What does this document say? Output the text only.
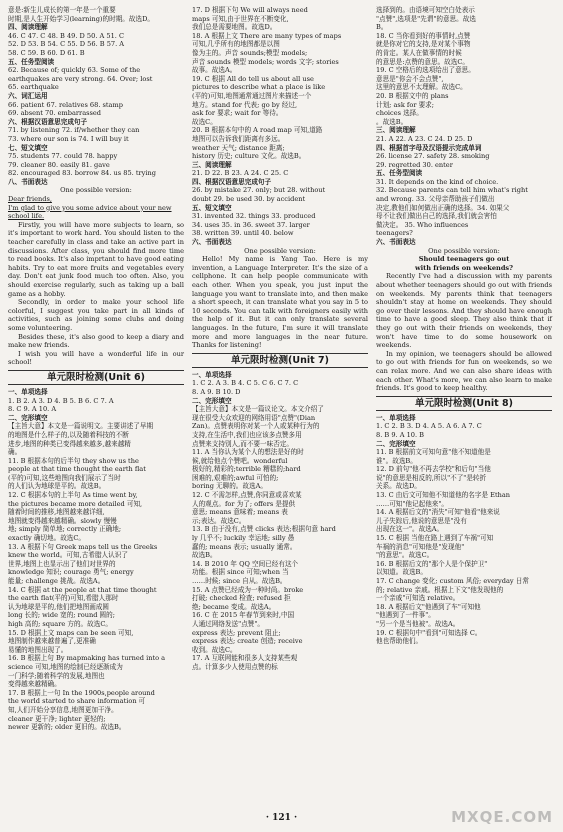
意是:新生儿成长的第一年是一个重要
时期,是人生开始学习(learning)的时期。故选D。
四、阅读理解
46. C 47. C 48. B 49. D 50. A 51. C
52. D 53. B 54. C 55. D 56. B 57. A
58. C 59. B 60. D 61. B
五、任务型阅读
62. Because of; quickly 63. Some of the
earthquakes are very strong. 64. Over; lost
65. earthquake
六、词汇运用
66. patient 67. relatives 68. stamp
69. absent 70. embarrassed
六、根据汉语意思完成句子
71. by listening 72. if/whether they can
73. where our son is 74. I will buy it
七、短文填空
75. students 77. could 78. happy
79. cleaner 80. easily 81. gave
82. encouraged 83. borrow 84. us 85. trying
八、书面表达
One possible version:
Dear friends,
I'm glad to give you some advice about your new school life.
Firstly, you will have more subjects to learn, so it's important to work hard. You should listen to the teacher carefully in class and take an active part in discussions. After class, you should find more time to read books. It's also imprtant to have good eating habits. Try to eat more fruits and vegetables every day. Don't eat junk food much too often. Also, you should exercise regularly, such as taking up a ball game as a hobby.
Secondly, in order to make your school life colorful, I suggest you take part in all kinds of activities, such as joining some clubs and doing some volunteering.
Besides these, it's also good to keep a diary and make new friends.
I wish you will have a wonderful life in our school!
单元限时检测(Unit 6)
一、单项选择
1. B 2. A 3. D 4. B 5. B 6. C 7. A
8. C 9. A 10. A
二、完形填空
【主旨大意】本文是一篇说明文。主要讲述了早期
的地图是什么样子的,以及随着科技的不断
进步,地图的种类已变得越来越多,越来越精
确。
11. B 根据本句的后半句 they show us the
people at that time thought the earth flat
(平的)可知,这些地图向我们展示了当时
的人们认为地球是平的。故选B。
12. C 根据本句的上半句 As time went by,
the pictures became more detailed 可知,
随着时间的推移,地图越来越详细,
地图就变得越来越精确。slowly 慢慢
地; simply 简单地; correctly 正确地;
exactly 确切地。故选C。
13. A 根据下句 Greek maps tell us the Greeks
knew the world。可知,古希腊人认识了
世界,地图上也显示出了他们对世界的
knowledge 知识; courage 勇气; energy
能量; challenge 挑战。故选A。
14. C 根据 at the people at that time thought
the earth flat(平的)可知,希腊人那时
认为地球是平的,他们把地图画成圆
long 长的; wide 宽的; round 圆的;
high 高的; square 方的。故选C。
15. D 根据上文 maps can be seen 可知,
地图制作越来越普遍了,更准确
易懂的地图出现了。
16. B 根据上句 By mapmaking has turned into a
science 可知,地图的绘制已经逐渐成为
一门科学;随着科学的发展,地图也
变得越来越精确。
17. B 根据上一句 In the 1900s,people around
the world started to share information 可
知,人们开始分享信息,地图更加干净。
cleaner 更干净; lighter 更轻的;
newer 更新的; older 更旧的。故选B。
17. D 根据下句 We will always need
maps 可知,由于世界在不断变化,
我们总是需要地图。故选D。
18. A 根据上文 There are many types of maps
可知,几乎所有的地图都是以图
像为主的。声音 sounds;模型 models;
声音 sounds 模型 models; words 文字; stories
故事。故选A。
19. C 根据 All do tell us about all use
pictures to describe what a place is like
(平的)可知,地图通常通过图片来描述一个
地方。stand for 代表; go by 经过,
ask for 要求; wait for 等待。
故选C。
20. B 根据本句中的 A road map 可知,道路
地图可以告诉我们距离有多远。
weather 天气; distance 距离;
history 历史; culture 文化。故选B。
三、阅读理解
21. D 22. B 23. A 24. C 25. C
四、根据汉语意思完成句子
26. by mistake 27. only; but 28. without
doubt 29. be used 30. by accident
五、短文填空
31. invented 32. things 33. produced
34. uses 35. in 36. sweet 37. larger
38. written 39. until 40. below
六、书面表达
One possible version:
Hello! My name is Yang Tao. Here is my invention, a Language Interpreter. It's the size of a cellphone. It can help people communicate with each other. When you speak, you just input the language you want to translate into, and then make a short speech, it can translate what you say in 5 to 10 seconds. You can talk with foreigners easily with the help of it. But it can only translate several languages. In the future, I'm sure it will translate more and more languages in the near future. Thanks for listening!
单元限时检测(Unit 7)
一、单项选择
1. C 2. A 3. B 4. C 5. C 6. C 7. C
8. A 9. B 10. D
二、完形填空
【主旨大意】本文是一篇议论文。本文介绍了
现在很受大众欢迎的网络用语"点赞"(Dian
Zan)。点赞表明你对某一个人或某种行为的
支持,在生活中,我们也应该多点赞多用
点赞来支持别人,而不要一味否定。
11. A 当你认为某个人的想法是好的时
候,就给他点个赞吧。wonderful
极好的,精彩的;terrible 糟糕的;hard
困难的,艰难的;awful 可怕的;
boring 无聊的。故选A。
12. C 不需怎样,点赞,你同意或喜欢某
人的观点。for 为了; offers 是提供
意思; means 意味着; means 表
示;表达。故选C。
13. B 由于没有,点赞 clicks 表达;根据句意 hard
ly 几乎不; luckily 幸运地; silly 愚
蠢的; means 表示; usually 通常。
故选B。
14. B 2010 年 QQ 空间已经有这个
功能。根据 since 可知;when 当
……时候; since 自从。故选B。
15. A 点赞已经成为一种时尚。broke
打破; checked 检查; refused 拒
绝; became 变成。故选A。
16. C 在 2015 年春节到来时,中国
人通过网络发送"点赞"。
express 表达; prevent 阻止;
express 表达; create 创造; receive
收到。故选C。
17. A 互联网能和很多人支持某些观
点。计算多少人使用点赞的标
选择到的。由语境可知空白处表示
"点赞",选项是"先谓"的意思。故选
B。
18. C 当你看到好的事情时,点赞
就是你对它的支持,是对某个事物
的肯定。某人在做事情的时候
的意思是:点赞的意思。故选C。
19. C 空格后的选项给出了意思。
意思是"你会不会点赞",
这里的意思不太理解。故选C。
20. B 根据文中的 plans
计划; ask for 要求;
choices 选择。
。故选B。
三、阅读理解
21. A 22. A 23. C 24. D 25. D
四、根据首字母及汉语提示完成单词
26. license 27. safety 28. smoking
29. regretted 30. enter
五、任务型阅读
31. It depends on the kind of choice.
32. Because parents can tell him what's right
and wrong. 33. 父母亲帮助孩子们做出
决定,教他们如何做出正确的选择。34. 如果父
母不让我们做出自己的选择,我们就会害怕
做决定。 35. Who influences
teenagers?
六、书面表达
One possible version:
Should teenagers go out
with friends on weekends?
Recently I've had a discussion with my parents about whether teenagers should go out with friends on weekends. My parents think that teenagers shouldn't stay at home on weekends. They should go over their lessons. And they should have enough time to have a good sleep. They also think that if they go out with their friends on weekends, they won't have time to do some housework on weekends.
In my opinion, we teenagers should be allowed to go out with friends for fun on weekends, so we can relax more. And we can also share ideas with each other. What's more, we can also learn to make friends. It's good to keep healthy.
单元限时检测(Unit 8)
一、单项选择
1. C 2. B 3. D 4. A 5. A 6. A 7. C
8. B 9. A 10. B
二、完形填空
11. B 根据前文可知句意"他不知道他是
谁"。故选B。
12. D 前句"他不再去学校"和后句"当他
说"的意思是相反的,所以"不了"是转折
关系。故选D。
13. C 由后文可知他不知道他的名字是 Ethan
……可知"他记起他来"。
14. A 根据后文的"消失"可知"他看"他来说
儿子失踪后,他说的意思是"没有
出现在这一"。故选A。
15. C 根据 当他在路上遇到了车祸"可知
车祸的消息"可知他是"发现他"
"的意思"。故选C。
16. B 根据后文的"那个人是个保护卫"
以知道。故选B。
17. C change 变化; custom 风俗; everyday 日常
的; relative 亲戚。根据上下文"他发现他的
一个亲戚"可知选 relative。
18. A 根据后文"他遇到了车"可知他
"他遇到了一件事"。
"另一个是当他被"。故选A。
19. C 根据句中"看到"可知选择 C。
他也帮助他们。
· 121 ·	MXQE.COM
